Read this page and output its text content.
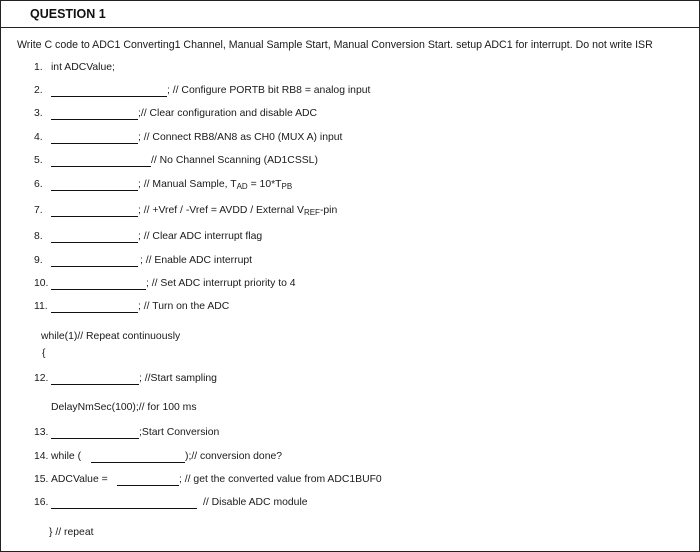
QUESTION 1
Write C code to ADC1 Converting1 Channel, Manual Sample Start, Manual Conversion Start. setup ADC1 for interrupt. Do not write ISR
1. int ADCValue;
2.	; // Configure PORTB bit RB8 = analog input
3.	;// Clear configuration and disable ADC
4.	; // Connect RB8/AN8 as CH0 (MUX A) input
5.	// No Channel Scanning (AD1CSSL)
6.	; // Manual Sample, $T_{AD} = 10*T_{PB}$
7.	; // +Vref / -Vref = AVDD / External $V_{REF}$-pin
8.	; // Clear ADC interrupt flag
9.	; // Enable ADC interrupt
10.	; // Set ADC interrupt priority to 4
11.	; // Turn on the ADC
while(1)// Repeat continuously
{
12.	; //Start sampling
DelayNmSec(100);// for 100 ms
13.	;Start Conversion
14. while (	);// conversion done?
15. ADCValue =	; // get the converted value from ADC1BUF0
16.	// Disable ADC module
} // repeat
